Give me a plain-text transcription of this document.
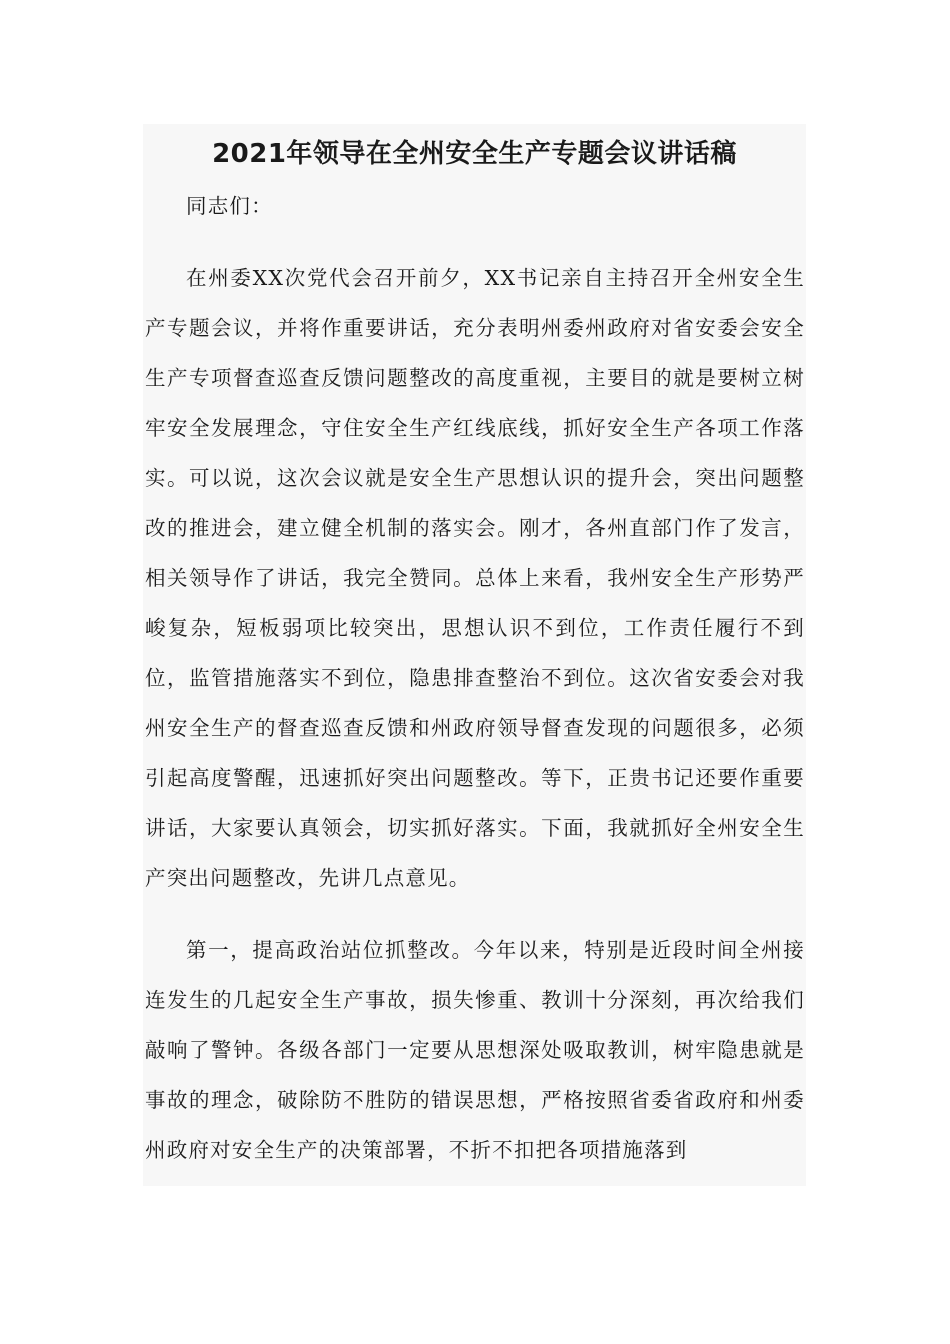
2021年领导在全州安全生产专题会议讲话稿

同志们：

在州委XX次党代会召开前夕，XX书记亲自主持召开全州安全生产专题会议，并将作重要讲话，充分表明州委州政府对省安委会安全生产专项督查巡查反馈问题整改的高度重视，主要目的就是要树立树牢安全发展理念，守住安全生产红线底线，抓好安全生产各项工作落实。可以说，这次会议就是安全生产思想认识的提升会，突出问题整改的推进会，建立健全机制的落实会。刚才，各州直部门作了发言，相关领导作了讲话，我完全赞同。总体上来看，我州安全生产形势严峻复杂，短板弱项比较突出，思想认识不到位，工作责任履行不到位，监管措施落实不到位，隐患排查整治不到位。这次省安委会对我州安全生产的督查巡查反馈和州政府领导督查发现的问题很多，必须引起高度警醒，迅速抓好突出问题整改。等下，正贵书记还要作重要讲话，大家要认真领会，切实抓好落实。下面，我就抓好全州安全生产突出问题整改，先讲几点意见。

第一，提高政治站位抓整改。今年以来，特别是近段时间全州接连发生的几起安全生产事故，损失惨重、教训十分深刻，再次给我们敲响了警钟。各级各部门一定要从思想深处吸取教训，树牢隐患就是事故的理念，破除防不胜防的错误思想，严格按照省委省政府和州委州政府对安全生产的决策部署，不折不扣把各项措施落到
